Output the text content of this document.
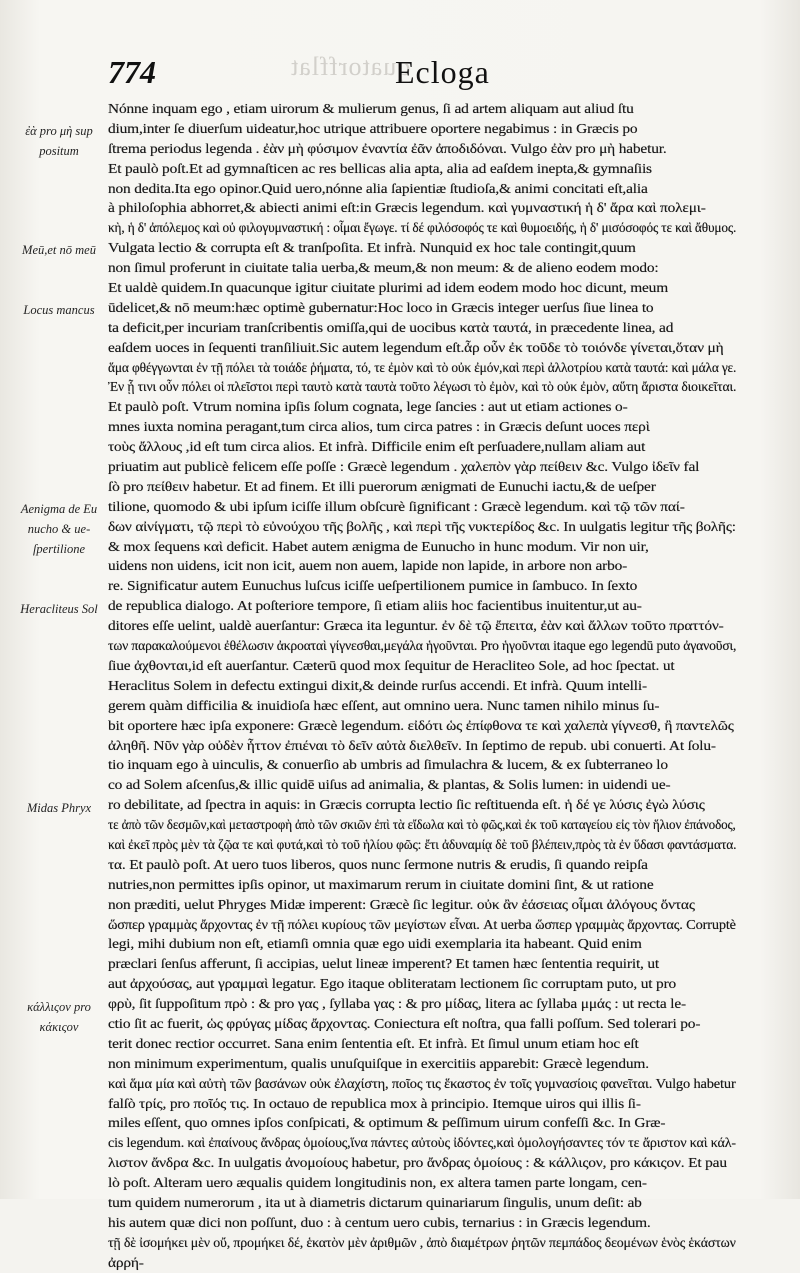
quatorfflat
774	Ecloga
ἐὰ pro μὴ sup positum
Meū,et nō meū
Locus mancus
Aenigma de Eu nucho & ue- ſpertilione
Heracliteus Sol
Midas Phryx
κάλλιςον pro κάκιςον
Nónne inquam ego , etiam uirorum & mulierum genus, ſi ad artem aliquam aut aliud ſtu
dium,inter ſe diuerſum uideatur,hoc utrique attribuere oportere negabimus : in Græcis po
ſtrema periodus legenda . ἐὰν μὴ φύσιμον ἐναντία ἐᾶν ἀποδιδόναι. Vulgo ἐὰν pro μὴ habetur.
Et paulò poſt.Et ad gymnaſticen ac res bellicas alia apta, alia ad eaſdem inepta,& gymnaſiis
non dedita.Ita ego opinor.Quid uero,nónne alia ſapientiæ ſtudioſa,& animi concitati eſt,alia
à philoſophia abhorret,& abiecti animi eſt:in Græcis legendum. καὶ γυμναστική ἡ δ' ἄρα καὶ πολεμι-
κὴ, ἡ δ' ἀπόλεμος καὶ οὐ φιλογυμναστική : οἶμαι ἔγωγε. τί δέ φιλόσοφός τε καὶ θυμοειδής, ἡ δ' μισόσοφός τε καὶ ἄθυμος.
Vulgata lectio & corrupta eſt & tranſpoſita. Et infrà. Nunquid ex hoc tale contingit,quum
non ſimul proferunt in ciuitate talia uerba,& meum,& non meum: & de alieno eodem modo:
Et ualdè quidem.In quacunque igitur ciuitate plurimi ad idem eodem modo hoc dicunt, meum
ūdelicet,& nō meum:hæc optimè gubernatur:Hoc loco in Græcis integer uerſus ſiue linea to
ta deficit,per incuriam tranſcribentis omiſſa,qui de uocibus κατὰ ταυτά, in præcedente linea, ad
eaſdem uoces in ſequenti tranſiliuit.Sic autem legendum eſt.ἆρ οὖν ἐκ τοῦδε τὸ τοιόνδε γίνεται,ὅταν μὴ
ἅμα φθέγγωνται ἐν τῇ πόλει τὰ τοιάδε ῥήματα, τό, τε ἐμὸν καὶ τὸ οὐκ ἐμόν,καὶ περὶ ἀλλοτρίου κατὰ ταυτά: καὶ μάλα γε.
Ἐν ᾗ τινι οὖν πόλει οἱ πλεῖστοι περὶ ταυτὸ κατὰ ταυτὰ τοῦτο λέγωσι τὸ ἐμὸν, καὶ τὸ οὐκ ἐμὸν, αὕτη ἄριστα διοικεῖται.
Et paulò poſt. Vtrum nomina ipſis ſolum cognata, lege ſancies : aut ut etiam actiones o-
mnes iuxta nomina peragant,tum circa alios, tum circa patres : in Græcis deſunt uoces περὶ
τοὺς ἄλλους ,id eſt tum circa alios. Et infrà. Difficile enim eſt perſuadere,nullam aliam aut
priuatim aut publicè felicem eſſe poſſe : Græcè legendum . χαλεπὸν γὰρ πείθειν &c. Vulgo ἰδεῖν fal
ſò pro πείθειν habetur. Et ad finem. Et illi puerorum ænigmati de Eunuchi iactu,& de ueſper
tilione, quomodo & ubi ipſum iciſſe illum obſcurè ſignificant : Græcè legendum. καὶ τῷ τῶν παί-
δων αἰνίγματι, τῷ περὶ τὸ εὐνούχου τῆς βολῆς , καὶ περὶ τῆς νυκτερίδος &c. In uulgatis legitur τῆς βολῆς:
& mox ſequens καὶ deficit. Habet autem ænigma de Eunucho in hunc modum. Vir non uir,
uidens non uidens, icit non icit, auem non auem, lapide non lapide, in arbore non arbo-
re. Significatur autem Eunuchus luſcus iciſſe ueſpertilionem pumice in ſambuco. In ſexto
de republica dialogo. At poſteriore tempore, ſi etiam aliis hoc facientibus inuitentur,ut au-
ditores eſſe uelint, ualdè auerſantur: Græca ita leguntur. ἐν δὲ τῷ ἔπειτα, ἐὰν καὶ ἄλλων τοῦτο πραττόν-
των παρακαλούμενοι ἐθέλωσιν ἀκροαταὶ γίγνεσθαι,μεγάλα ἡγοῦνται. Pro ἡγοῦνται itaque ego legendū puto ἀγανοῦσι,
ſiue ἀχθονται,id eſt auerſantur. Cæterū quod mox ſequitur de Heracliteo Sole, ad hoc ſpectat. ut
Heraclitus Solem in defectu extingui dixit,& deinde rurſus accendi. Et infrà. Quum intelli-
gerem quàm difficilia & inuidioſa hæc eſſent, aut omnino uera. Nunc tamen nihilo minus ſu-
bit oportere hæc ipſa exponere: Græcè legendum. εἰδότι ὡς ἐπίφθονα τε καὶ χαλεπὰ γίγνεσθ, ἢ παντελῶς
ἀληθῆ. Νῦν γὰρ οὐδὲν ἧττον ἐπιέναι τὸ δεῖν αὐτὰ διελθεῖν. In ſeptimo de repub. ubi conuerti. At ſolu-
tio inquam ego à uinculis, & conuerſio ab umbris ad ſimulachra & lucem, & ex ſubterraneo lo
co ad Solem aſcenſus,& illic quidē uiſus ad animalia, & plantas, & Solis lumen: in uidendi ue-
ro debilitate, ad ſpectra in aquis: in Græcis corrupta lectio ſic reſtituenda eſt. ἡ δέ γε λύσις ἐγὼ λύσις
τε ἀπὸ τῶν δεσμῶν,καὶ μεταστροφὴ ἀπὸ τῶν σκιῶν ἐπὶ τὰ εἴδωλα καὶ τὸ φῶς,καὶ ἐκ τοῦ καταγείου εἰς τὸν ἥλιον ἐπάνοδος,
καὶ ἐκεῖ πρὸς μὲν τὰ ζῷα τε καὶ φυτά,καὶ τὸ τοῦ ἡλίου φῶς: ἔτι ἀδυναμίᾳ δὲ τοῦ βλέπειν,πρὸς τὰ ἐν ὕδασι φαντάσματα.
τα. Et paulò poſt. At uero tuos liberos, quos nunc ſermone nutris & erudis, ſi quando reipſa
nutries,non permittes ipſis opinor, ut maximarum rerum in ciuitate domini ſint, & ut ratione
non præditi, uelut Phryges Midæ imperent: Græcè ſic legitur. οὐκ ἂν ἐάσειας οἶμαι ἀλόγους ὄντας
ὥσπερ γραμμὰς ἄρχοντας ἐν τῇ πόλει κυρίους τῶν μεγίστων εἶναι. At uerba ὥσπερ γραμμὰς ἄρχοντας. Corruptè
legi, mihi dubium non eſt, etiamſi omnia quæ ego uidi exemplaria ita habeant. Quid enim
præclari ſenſus afferunt, ſi accipias, uelut lineæ imperent? Et tamen hæc ſententia requirit, ut
aut ἀρχούσας, aut γραμμαὶ legatur. Ego itaque obliteratam lectionem ſic corruptam puto, ut pro
φρὺ, ſit ſuppoſitum πρὸ : & pro γας , ſyllaba γας : & pro μίδας, litera ac ſyllaba μμάς : ut recta le-
ctio ſit ac fuerit, ὡς φρύγας μίδας ἄρχοντας. Coniectura eſt noſtra, qua falli poſſum. Sed tolerari po-
terit donec rectior occurret. Sana enim ſententia eſt. Et infrà. Et ſimul unum etiam hoc eſt
non minimum experimentum, qualis unuſquiſque in exercitiis apparebit: Græcè legendum.
καὶ ἅμα μία καὶ αὐτὴ τῶν βασάνων οὐκ ἐλαχίστη, ποῖος τις ἕκαστος ἐν τοῖς γυμνασίοις φανεῖται. Vulgo habetur
falſò τρίς, pro ποῖός τις. In octauo de republica mox à principio. Itemque uiros qui illis ſi-
miles eſſent, quo omnes ipſos conſpicati, & optimum & peſſimum uirum confeſſi &c. In Græ-
cis legendum. καὶ ἐπαίνους ἄνδρας ὁμοίους,ἵνα πάντες αὐτοὺς ἰδόντες,καὶ ὁμολογήσαντες τόν τε ἄριστον καὶ κάλ-
λιστον ἄνδρα &c. In uulgatis ἀνομοίους habetur, pro ἄνδρας ὁμοίους : & κάλλιςον, pro κάκιςον. Et pau
lò poſt. Alteram uero æqualis quidem longitudinis non, ex altera tamen parte longam, cen-
tum quidem numerorum , ita ut à diametris dictarum quinariarum ſingulis, unum deſit: ab
his autem quæ dici non poſſunt, duo : à centum uero cubis, ternarius : in Græcis legendum.
τῇ δὲ ἰσομήκει μὲν οὔ, προμήκει δέ, ἑκατὸν μὲν ἀριθμῶν , ἀπὸ διαμέτρων ῥητῶν πεμπάδος δεομένων ἑνὸς ἑκάστων
ἀρρή-
